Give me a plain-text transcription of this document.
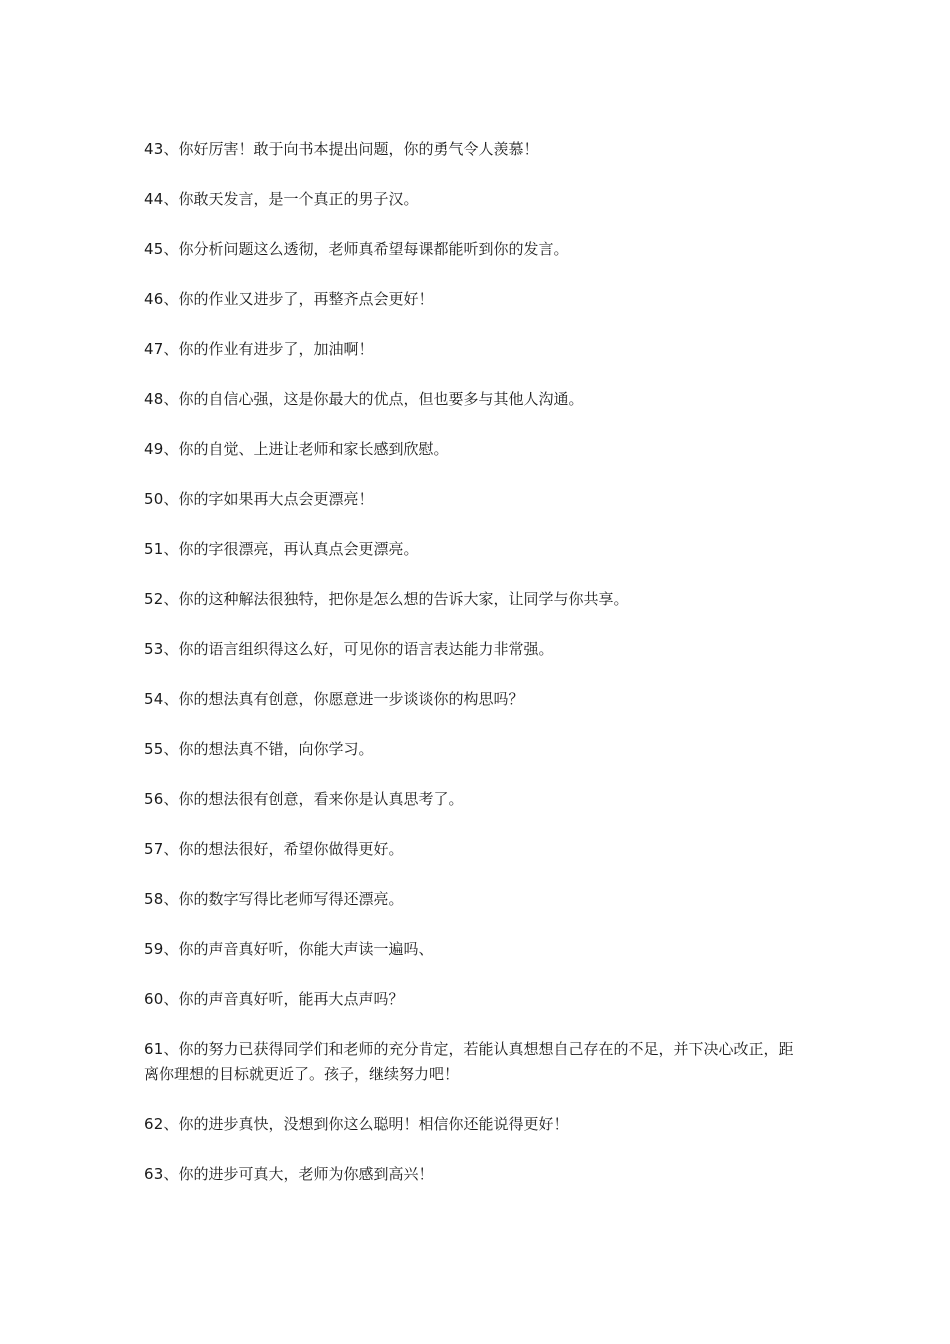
43、你好厉害！敢于向书本提出问题，你的勇气令人羡慕！
44、你敢天发言，是一个真正的男子汉。
45、你分析问题这么透彻，老师真希望每课都能听到你的发言。
46、你的作业又进步了，再整齐点会更好！
47、你的作业有进步了，加油啊！
48、你的自信心强，这是你最大的优点，但也要多与其他人沟通。
49、你的自觉、上进让老师和家长感到欣慰。
50、你的字如果再大点会更漂亮！
51、你的字很漂亮，再认真点会更漂亮。
52、你的这种解法很独特，把你是怎么想的告诉大家，让同学与你共享。
53、你的语言组织得这么好，可见你的语言表达能力非常强。
54、你的想法真有创意，你愿意进一步谈谈你的构思吗？
55、你的想法真不错，向你学习。
56、你的想法很有创意，看来你是认真思考了。
57、你的想法很好，希望你做得更好。
58、你的数字写得比老师写得还漂亮。
59、你的声音真好听，你能大声读一遍吗、
60、你的声音真好听，能再大点声吗？
61、你的努力已获得同学们和老师的充分肯定，若能认真想想自己存在的不足，并下决心改正，距离你理想的目标就更近了。孩子，继续努力吧！
62、你的进步真快，没想到你这么聪明！相信你还能说得更好！
63、你的进步可真大，老师为你感到高兴！
